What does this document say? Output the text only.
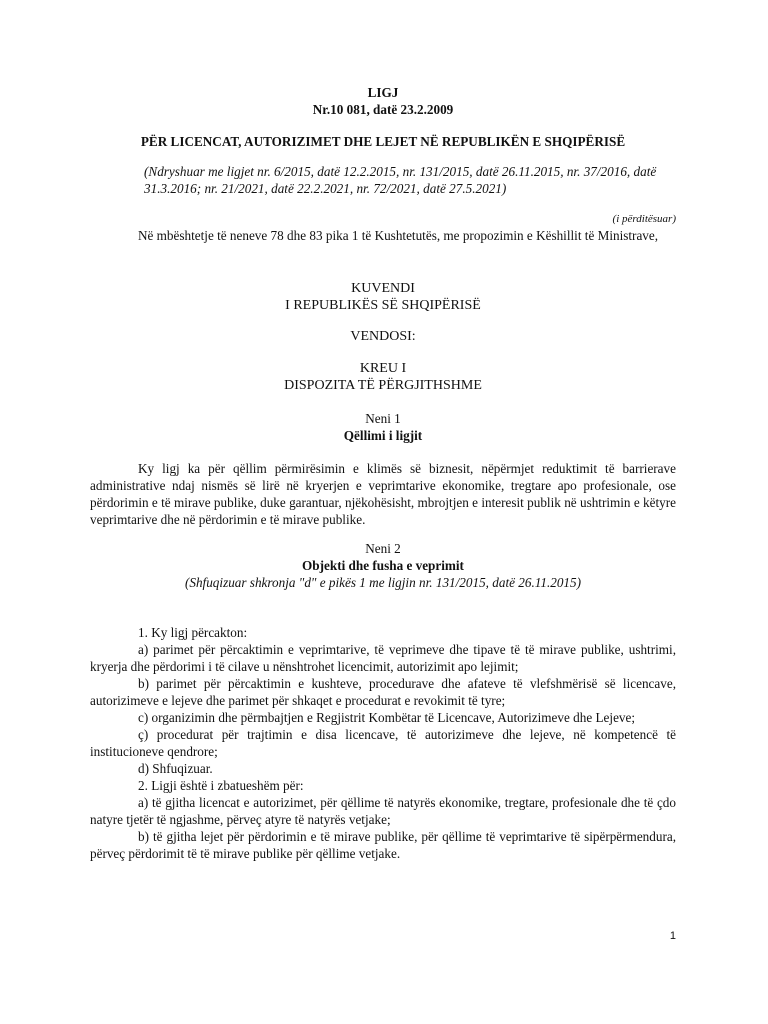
LIGJ

Nr.10 081, datë 23.2.2009

PËR LICENCAT, AUTORIZIMET DHE LEJET NË REPUBLIKËN E SHQIPËRISË
(Ndryshuar me ligjet nr. 6/2015, datë 12.2.2015, nr. 131/2015, datë 26.11.2015, nr. 37/2016, datë 31.3.2016; nr. 21/2021, datë 22.2.2021, nr. 72/2021, datë 27.5.2021)
(i përditësuar)
Në mbështetje të neneve 78 dhe 83 pika 1 të Kushtetutës, me propozimin e Këshillit të Ministrave,

KUVENDI

I REPUBLIKËS SË SHQIPËRISË

VENDOSI:

KREU I

DISPOZITA TË PËRGJITHSHME

Neni 1

Qëllimi i ligjit

Ky ligj ka për qëllim përmirësimin e klimës së biznesit, nëpërmjet reduktimit të barrierave administrative ndaj nismës së lirë në kryerjen e veprimtarive ekonomike, tregtare apo profesionale, ose përdorimin e të mirave publike, duke garantuar, njëkohësisht, mbrojtjen e interesit publik në ushtrimin e këtyre veprimtarive dhe në përdorimin e të mirave publike.

Neni 2

Objekti dhe fusha e veprimit

(Shfuqizuar shkronja "d" e pikës 1 me ligjin nr. 131/2015, datë 26.11.2015)

1. Ky ligj përcakton:

a) parimet për përcaktimin e veprimtarive, të veprimeve dhe tipave të të mirave publike, ushtrimi, kryerja dhe përdorimi i të cilave u nënshtrohet licencimit, autorizimit apo lejimit;

b) parimet për përcaktimin e kushteve, procedurave dhe afateve të vlefshmërisë së licencave, autorizimeve e lejeve dhe parimet për shkaqet e procedurat e revokimit të tyre;

c) organizimin dhe përmbajtjen e Regjistrit Kombëtar të Licencave, Autorizimeve dhe Lejeve;

ç) procedurat për trajtimin e disa licencave, të autorizimeve dhe lejeve, në kompetencë të institucioneve qendrore;

d) Shfuqizuar.

2. Ligji është i zbatueshëm për:

a) të gjitha licencat e autorizimet, për qëllime të natyrës ekonomike, tregtare, profesionale dhe të çdo natyre tjetër të ngjashme, përveç atyre të natyrës vetjake;

b) të gjitha lejet për përdorimin e të mirave publike, për qëllime të veprimtarive të sipërpërmendura, përveç përdorimit të të mirave publike për qëllime vetjake.

1
